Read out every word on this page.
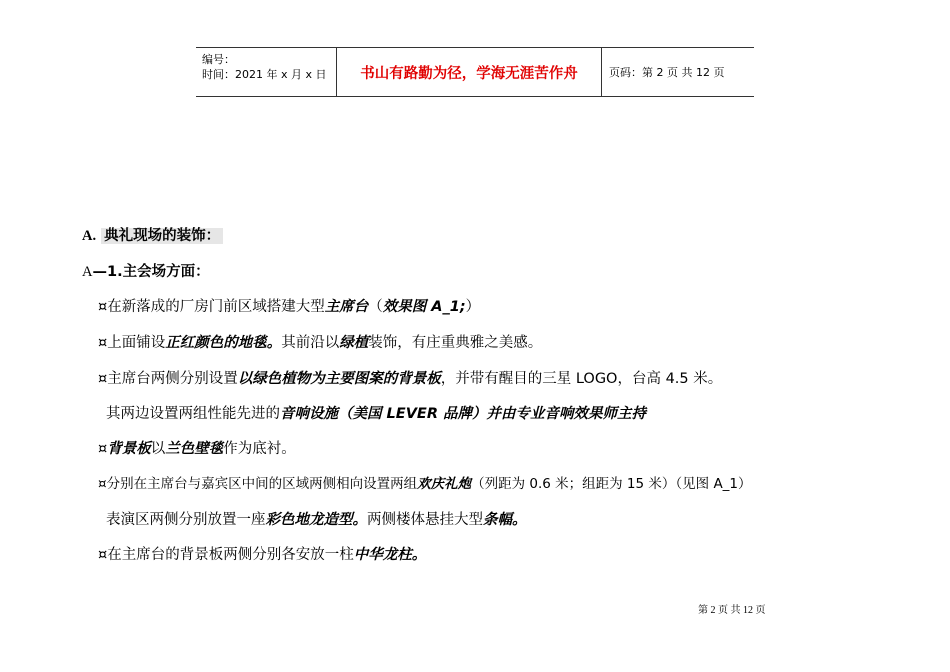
编号：
时间：2021 年 x 月 x 日	书山有路勤为径，学海无涯苦作舟	页码：第 2 页 共 12 页
A. 典礼现场的装饰：
A—1.主会场方面：
¤在新落成的厂房门前区域搭建大型主席台（效果图 A_1;）
¤上面铺设正红颜色的地毯。其前沿以绿植装饰，有庄重典雅之美感。
¤主席台两侧分别设置以绿色植物为主要图案的背景板，并带有醒目的三星 LOGO，台高 4.5 米。
其两边设置两组性能先进的音响设施（美国 LEVER 品牌）并由专业音响效果师主持
¤背景板以兰色壁毯作为底衬。
¤分别在主席台与嘉宾区中间的区域两侧相向设置两组欢庆礼炮（列距为 0.6 米；组距为 15 米）（见图 A_1）
表演区两侧分别放置一座彩色地龙造型。两侧楼体悬挂大型条幅。
¤在主席台的背景板两侧分别各安放一柱中华龙柱。
第 2 页 共 12 页
